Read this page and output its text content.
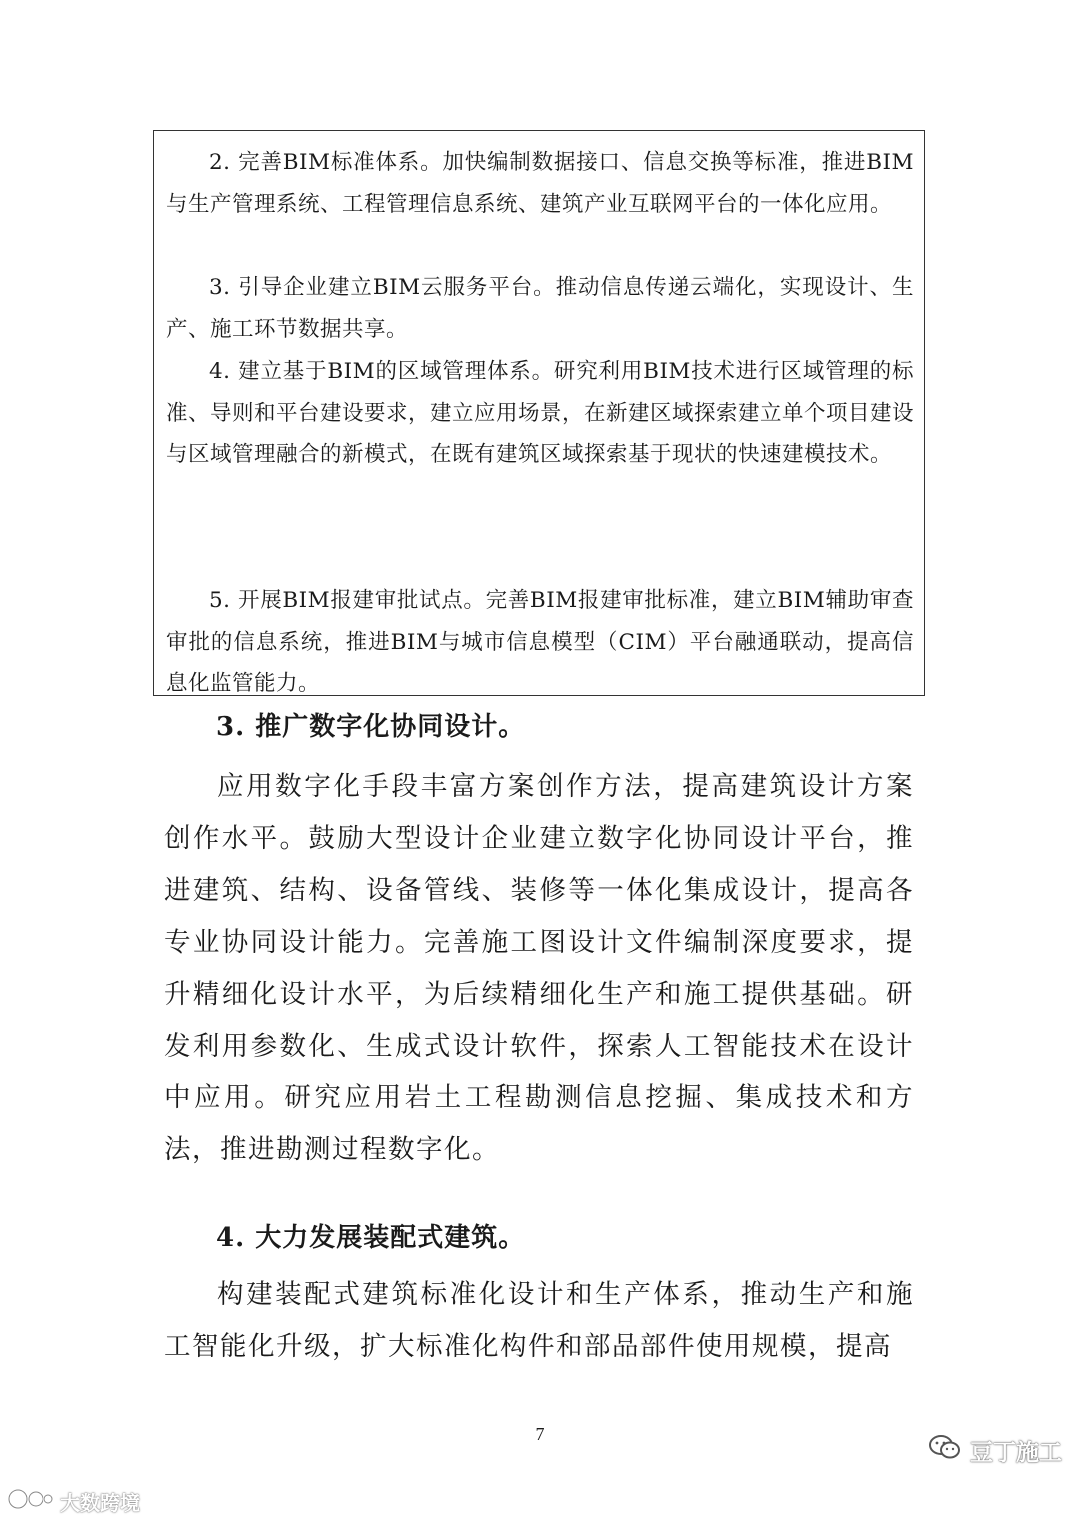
2. 完善BIM标准体系。加快编制数据接口、信息交换等标准，推进BIM与生产管理系统、工程管理信息系统、建筑产业互联网平台的一体化应用。

3. 引导企业建立BIM云服务平台。推动信息传递云端化，实现设计、生产、施工环节数据共享。

4. 建立基于BIM的区域管理体系。研究利用BIM技术进行区域管理的标准、导则和平台建设要求，建立应用场景，在新建区域探索建立单个项目建设与区域管理融合的新模式，在既有建筑区域探索基于现状的快速建模技术。

5. 开展BIM报建审批试点。完善BIM报建审批标准，建立BIM辅助审查审批的信息系统，推进BIM与城市信息模型（CIM）平台融通联动，提高信息化监管能力。

3. 推广数字化协同设计。

应用数字化手段丰富方案创作方法，提高建筑设计方案创作水平。鼓励大型设计企业建立数字化协同设计平台，推进建筑、结构、设备管线、装修等一体化集成设计，提高各专业协同设计能力。完善施工图设计文件编制深度要求，提升精细化设计水平，为后续精细化生产和施工提供基础。研发利用参数化、生成式设计软件，探索人工智能技术在设计中应用。研究应用岩土工程勘测信息挖掘、集成技术和方法，推进勘测过程数字化。

4. 大力发展装配式建筑。

构建装配式建筑标准化设计和生产体系，推动生产和施工智能化升级，扩大标准化构件和部品部件使用规模，提高

7
豆丁施工
大数跨境
